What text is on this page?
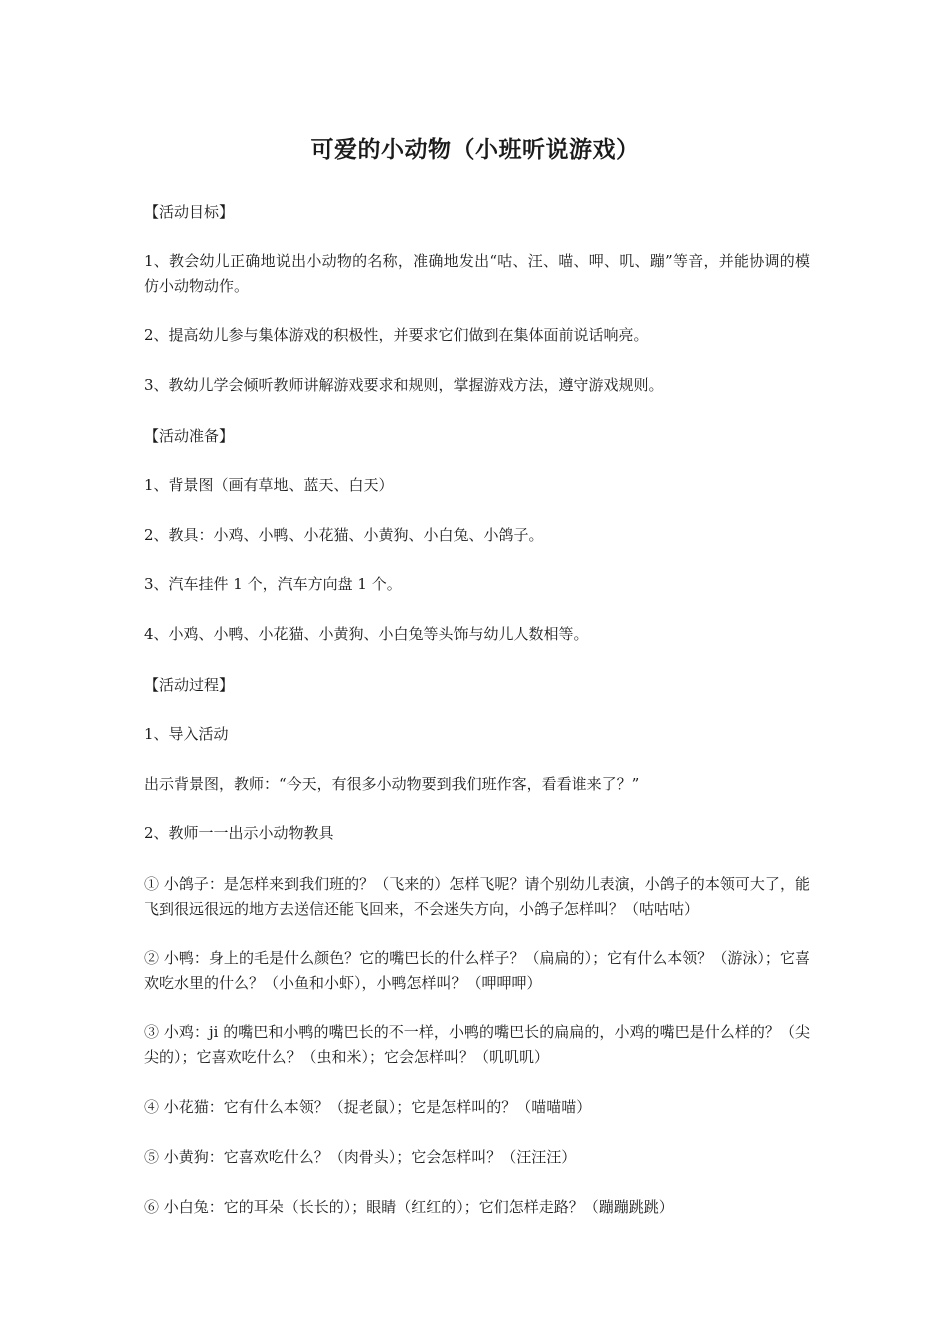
可爱的小动物（小班听说游戏）
【活动目标】
1、教会幼儿正确地说出小动物的名称，准确地发出“咕、汪、喵、呷、叽、蹦”等音，并能协调的模仿小动物动作。
2、提高幼儿参与集体游戏的积极性，并要求它们做到在集体面前说话响亮。
3、教幼儿学会倾听教师讲解游戏要求和规则，掌握游戏方法，遵守游戏规则。
【活动准备】
1、背景图（画有草地、蓝天、白天）
2、教具：小鸡、小鸭、小花猫、小黄狗、小白兔、小鸽子。
3、汽车挂件 1 个，汽车方向盘 1 个。
4、小鸡、小鸭、小花猫、小黄狗、小白兔等头饰与幼儿人数相等。
【活动过程】
1、导入活动
出示背景图，教师：“今天，有很多小动物要到我们班作客，看看谁来了？”
2、教师一一出示小动物教具
① 小鸽子：是怎样来到我们班的？（飞来的）怎样飞呢？请个别幼儿表演，小鸽子的本领可大了，能飞到很远很远的地方去送信还能飞回来，不会迷失方向，小鸽子怎样叫？（咕咕咕）
② 小鸭：身上的毛是什么颜色？它的嘴巴长的什么样子？（扁扁的）；它有什么本领？（游泳）；它喜欢吃水里的什么？（小鱼和小虾），小鸭怎样叫？（呷呷呷）
③ 小鸡：ji 的嘴巴和小鸭的嘴巴长的不一样，小鸭的嘴巴长的扁扁的，小鸡的嘴巴是什么样的？（尖尖的）；它喜欢吃什么？（虫和米）；它会怎样叫？（叽叽叽）
④ 小花猫：它有什么本领？（捉老鼠）；它是怎样叫的？（喵喵喵）
⑤ 小黄狗：它喜欢吃什么？（肉骨头）；它会怎样叫？（汪汪汪）
⑥ 小白兔：它的耳朵（长长的）；眼睛（红红的）；它们怎样走路？（蹦蹦跳跳）
